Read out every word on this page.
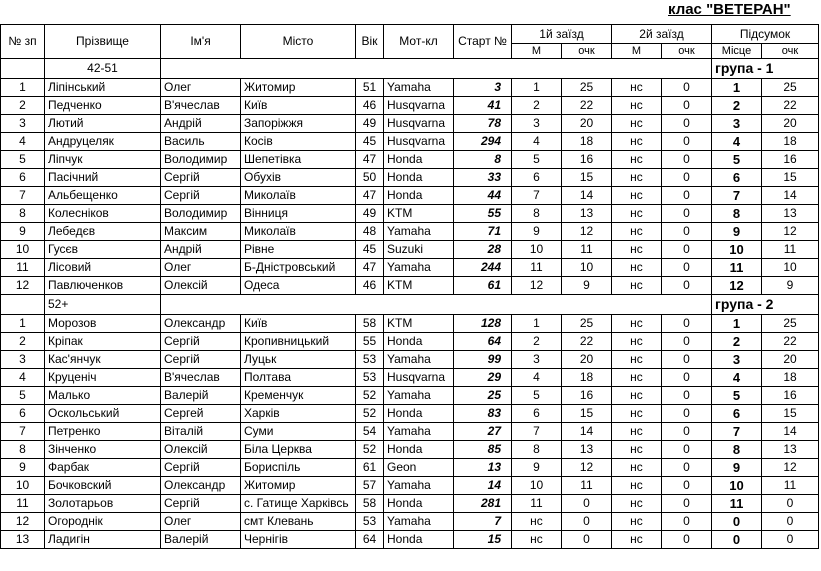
клас "ВЕТЕРАН"
№ зп	Прізвище	Ім'я	Місто	Вік	Мот-кл	Старт №	1й заїзд		2й заїзд		Підсумок	
							М	очк	М	очк	Місце	очк
	42-51										група - 1	
1	Ліпінський	Олег	Житомир	51	Yamaha	3	1	25	нс	0	1	25
2	Педченко	В'ячеслав	Київ	46	Husqvarna	41	2	22	нс	0	2	22
3	Лютий	Андрій	Запоріжжя	49	Husqvarna	78	3	20	нс	0	3	20
4	Андруцеляк	Василь	Косів	45	Husqvarna	294	4	18	нс	0	4	18
5	Ліпчук	Володимир	Шепетівка	47	Honda	8	5	16	нс	0	5	16
6	Пасічний	Сергій	Обухів	50	Honda	33	6	15	нс	0	6	15
7	Альбещенко	Сергій	Миколаїв	47	Honda	44	7	14	нс	0	7	14
8	Колесніков	Володимир	Вінниця	49	KTM	55	8	13	нс	0	8	13
9	Лебедєв	Максим	Миколаїв	48	Yamaha	71	9	12	нс	0	9	12
10	Гусєв	Андрій	Рівне	45	Suzuki	28	10	11	нс	0	10	11
11	Лісовий	Олег	Б-Дністровський	47	Yamaha	244	11	10	нс	0	11	10
12	Павлюченков	Олексій	Одеса	46	KTM	61	12	9	нс	0	12	9
	52+										група - 2	
1	Морозов	Олександр	Київ	58	KTM	128	1	25	нс	0	1	25
2	Кріпак	Сергій	Кропивницький	55	Honda	64	2	22	нс	0	2	22
3	Кас'янчук	Сергій	Луцьк	53	Yamaha	99	3	20	нс	0	3	20
4	Круценіч	В'ячеслав	Полтава	53	Husqvarna	29	4	18	нс	0	4	18
5	Малько	Валерій	Кременчук	52	Yamaha	25	5	16	нс	0	5	16
6	Оскольський	Сергей	Харків	52	Honda	83	6	15	нс	0	6	15
7	Петренко	Віталій	Суми	54	Yamaha	27	7	14	нс	0	7	14
8	Зінченко	Олексій	Біла Церква	52	Honda	85	8	13	нс	0	8	13
9	Фарбак	Сергій	Бориспіль	61	Geon	13	9	12	нс	0	9	12
10	Бочковский	Олександр	Житомир	57	Yamaha	14	10	11	нс	0	10	11
11	Золотарьов	Сергій	с. Гатище Харківсь	58	Honda	281	11	0	нс	0	11	0
12	Огороднік	Олег	смт Клевань	53	Yamaha	7	нс	0	нс	0	0	0
13	Ладигін	Валерій	Чернігів	64	Honda	15	нс	0	нс	0	0	0
